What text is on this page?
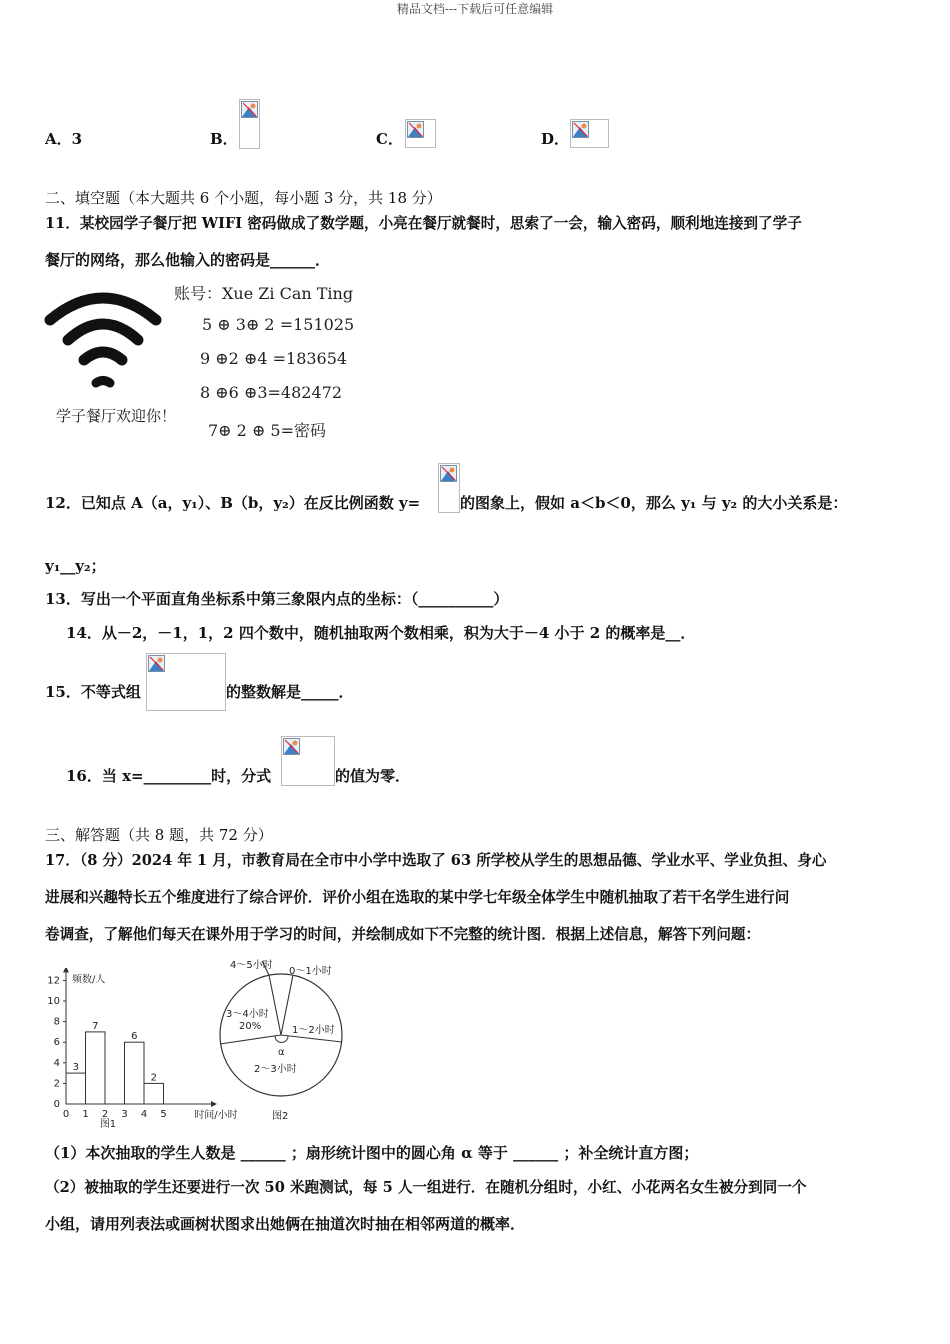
精品文档---下载后可任意编辑
A．3	B．	C．	D．
二、填空题（本大题共 6 个小题，每小题 3 分，共 18 分）
11．某校园学子餐厅把 WIFI 密码做成了数学题，小亮在餐厅就餐时，思索了一会，输入密码，顺利地连接到了学子
餐厅的网络，那么他输入的密码是______．
学子餐厅欢迎你！
账号：Xue Zi Can Ting
5 ⊕ 3⊕ 2 =151025
9 ⊕2 ⊕4 =183654
8 ⊕6 ⊕3=482472
7⊕ 2 ⊕ 5=密码
12．已知点 A（a，y₁）、B（b，y₂）在反比例函数 y=	的图象上，假如 a＜b＜0，那么 y₁ 与 y₂ 的大小关系是：
y₁__y₂；
13．写出一个平面直角坐标系中第三象限内点的坐标：（__________）
14．从－2，－1，1，2 四个数中，随机抽取两个数相乘，积为大于－4 小于 2 的概率是__．
15．不等式组	的整数解是_____．
16．当 x=_________时，分式	的值为零．
三、解答题（共 8 题，共 72 分）
17．（8 分）2024 年 1 月，市教育局在全市中小学中选取了 63 所学校从学生的思想品德、学业水平、学业负担、身心
进展和兴趣特长五个维度进行了综合评价．评价小组在选取的某中学七年级全体学生中随机抽取了若干名学生进行问
卷调查，了解他们每天在课外用于学习的时间，并绘制成如下不完整的统计图．根据上述信息，解答下列问题：
0
2
4
6
8
10
12
0 1 2 3 4 5
3
7
6
2
频数/人
时间/小时
图1
4～5小时
0～1小时
1～2小时
2～3小时
3～4小时
20%
α
图2
（1）本次抽取的学生人数是 ______ ；扇形统计图中的圆心角 α 等于 ______ ；补全统计直方图；
（2）被抽取的学生还要进行一次 50 米跑测试，每 5 人一组进行．在随机分组时，小红、小花两名女生被分到同一个
小组，请用列表法或画树状图求出她俩在抽道次时抽在相邻两道的概率．
